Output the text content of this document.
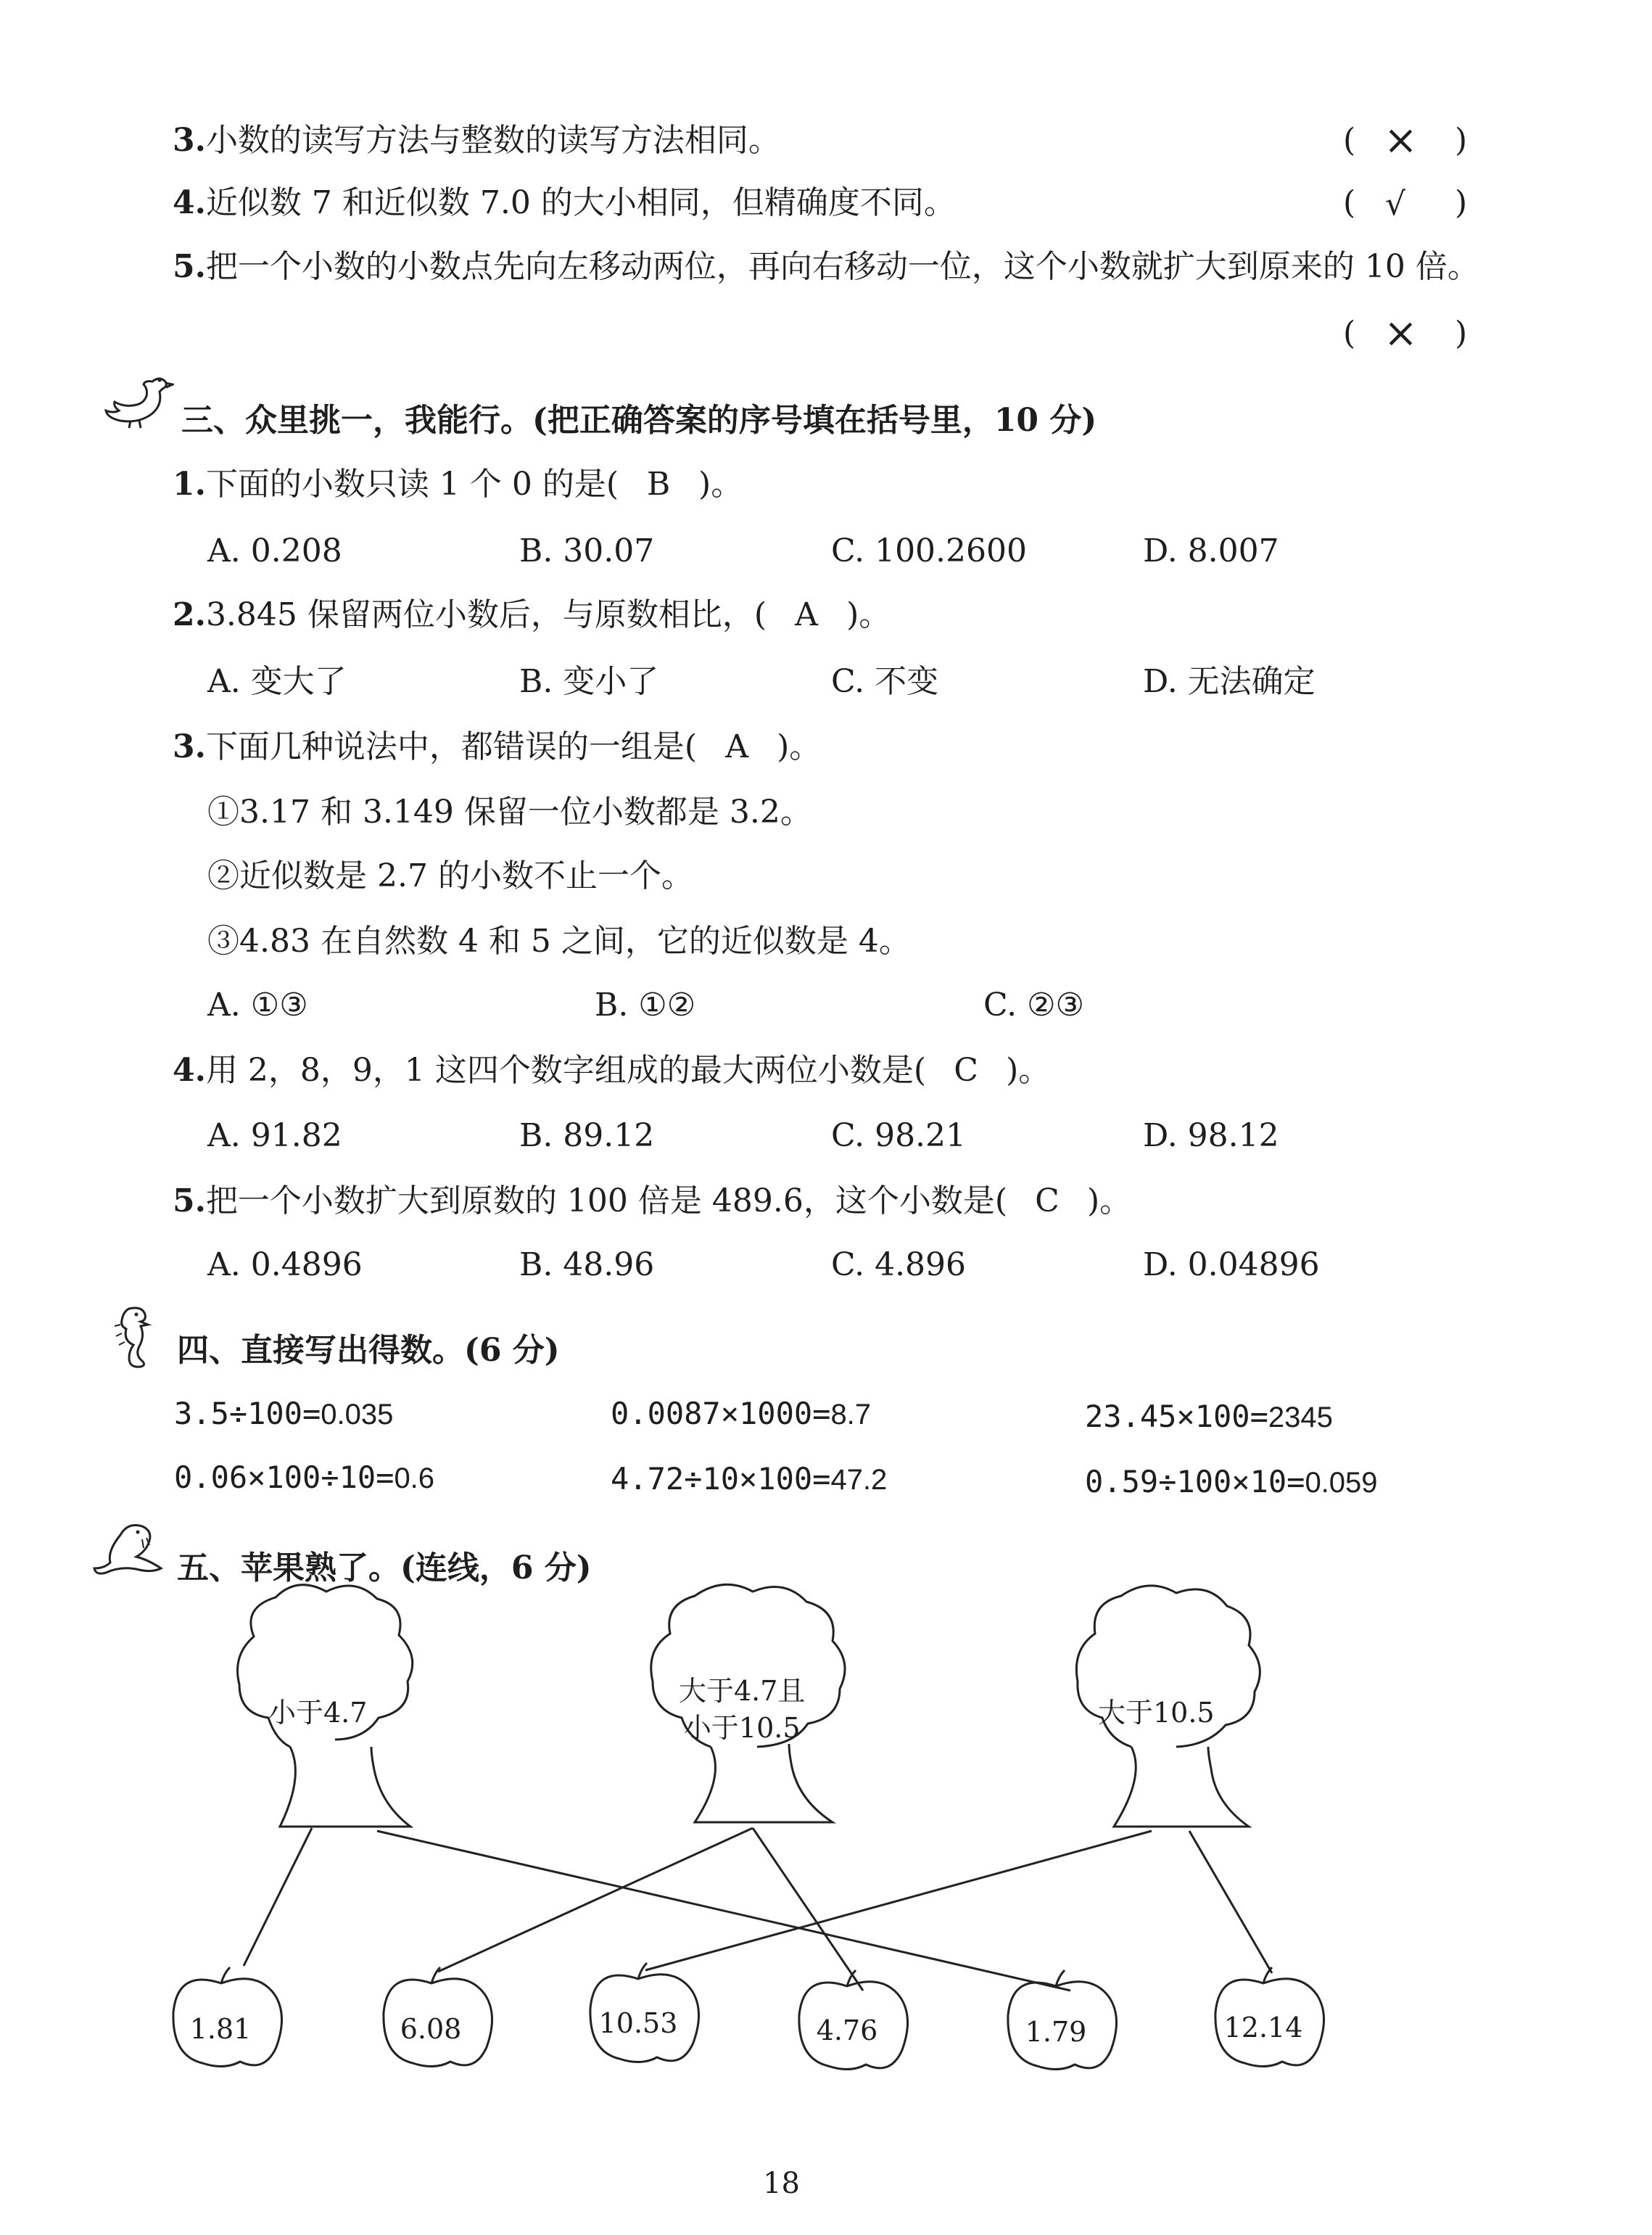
3.小数的读写方法与整数的读写方法相同。	( × )
4.近似数 7 和近似数 7.0 的大小相同，但精确度不同。	( √ )
5.把一个小数的小数点先向左移动两位，再向右移动一位，这个小数就扩大到原来的 10 倍。
( × )
三、众里挑一，我能行。(把正确答案的序号填在括号里，10 分)
1.下面的小数只读 1 个 0 的是( B )。
A. 0.208	B. 30.07	C. 100.2600	D. 8.007
2.3.845 保留两位小数后，与原数相比，( A )。
A. 变大了	B. 变小了	C. 不变	D. 无法确定
3.下面几种说法中，都错误的一组是( A )。
①3.17 和 3.149 保留一位小数都是 3.2。
②近似数是 2.7 的小数不止一个。
③4.83 在自然数 4 和 5 之间，它的近似数是 4。
A. ①③	B. ①②	C. ②③
4.用 2，8，9，1 这四个数字组成的最大两位小数是( C )。
A. 91.82	B. 89.12	C. 98.21	D. 98.12
5.把一个小数扩大到原数的 100 倍是 489.6，这个小数是( C )。
A. 0.4896	B. 48.96	C. 4.896	D. 0.04896
四、直接写出得数。(6 分)
3.5÷100=0.035	0.0087×1000=8.7	23.45×100=2345
0.06×100÷10=0.6	4.72÷10×100=47.2	0.59÷100×10=0.059
五、苹果熟了。(连线，6 分)
小于4.7
大于4.7且
小于10.5	大于10.5
1.81	6.08	10.53	4.76	1.79	12.14
18
